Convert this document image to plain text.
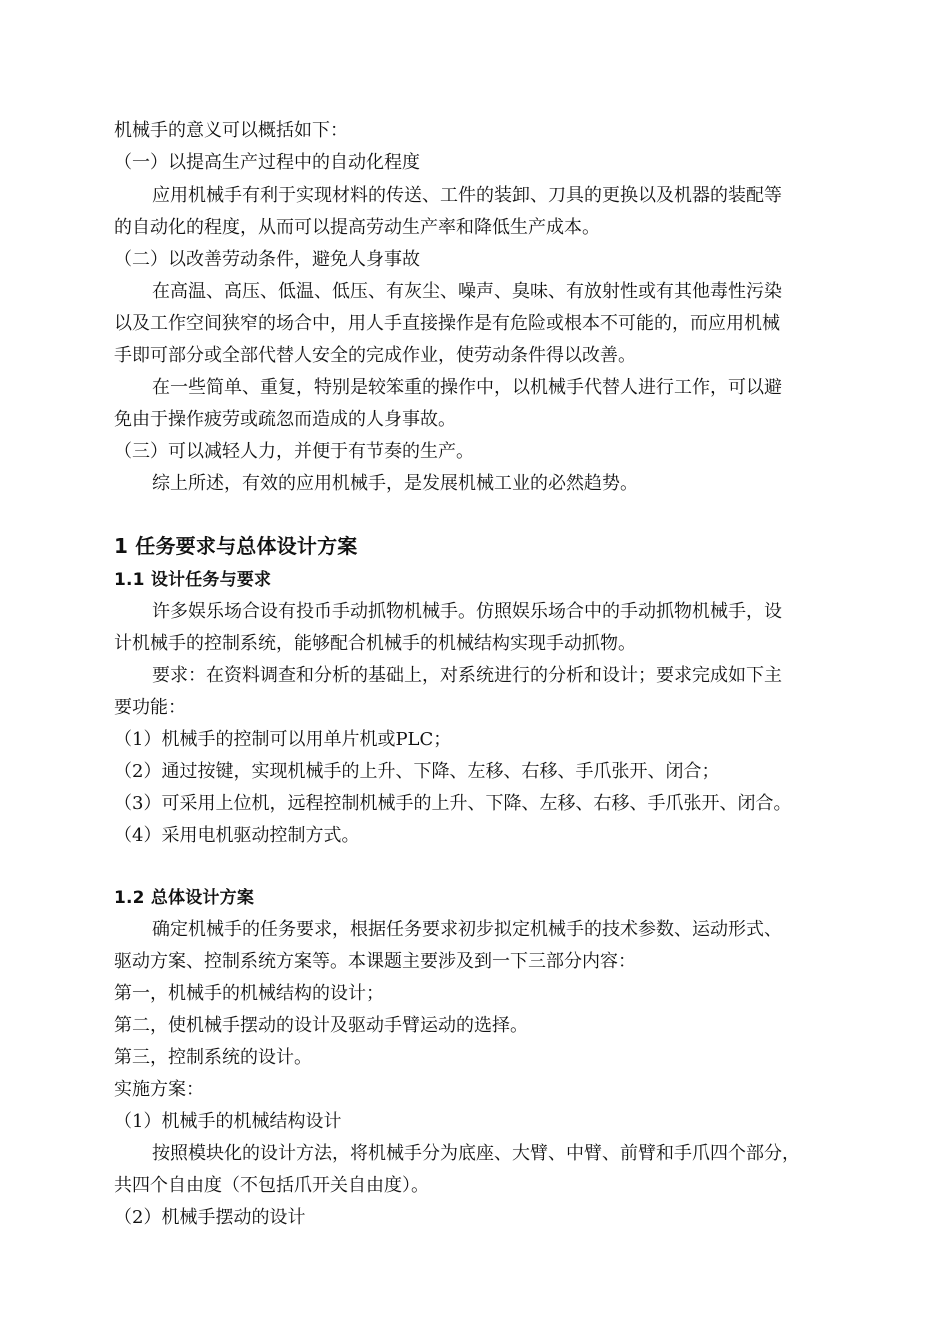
机械手的意义可以概括如下：
（一）以提高生产过程中的自动化程度
应用机械手有利于实现材料的传送、工件的装卸、刀具的更换以及机器的装配等
的自动化的程度，从而可以提高劳动生产率和降低生产成本。
（二）以改善劳动条件，避免人身事故
在高温、高压、低温、低压、有灰尘、噪声、臭味、有放射性或有其他毒性污染
以及工作空间狭窄的场合中，用人手直接操作是有危险或根本不可能的，而应用机械
手即可部分或全部代替人安全的完成作业，使劳动条件得以改善。
在一些简单、重复，特别是较笨重的操作中，以机械手代替人进行工作，可以避
免由于操作疲劳或疏忽而造成的人身事故。
（三）可以减轻人力，并便于有节奏的生产。
综上所述，有效的应用机械手，是发展机械工业的必然趋势。
1 任务要求与总体设计方案
1.1 设计任务与要求
许多娱乐场合设有投币手动抓物机械手。仿照娱乐场合中的手动抓物机械手，设
计机械手的控制系统，能够配合机械手的机械结构实现手动抓物。
要求：在资料调查和分析的基础上，对系统进行的分析和设计；要求完成如下主
要功能：
（1）机械手的控制可以用单片机或PLC；
（2）通过按键，实现机械手的上升、下降、左移、右移、手爪张开、闭合；
（3）可采用上位机，远程控制机械手的上升、下降、左移、右移、手爪张开、闭合。
（4）采用电机驱动控制方式。
1.2 总体设计方案
确定机械手的任务要求，根据任务要求初步拟定机械手的技术参数、运动形式、
驱动方案、控制系统方案等。本课题主要涉及到一下三部分内容：
第一，机械手的机械结构的设计；
第二，使机械手摆动的设计及驱动手臂运动的选择。
第三，控制系统的设计。
实施方案：
（1）机械手的机械结构设计
按照模块化的设计方法，将机械手分为底座、大臂、中臂、前臂和手爪四个部分，
共四个自由度（不包括爪开关自由度）。
（2）机械手摆动的设计
